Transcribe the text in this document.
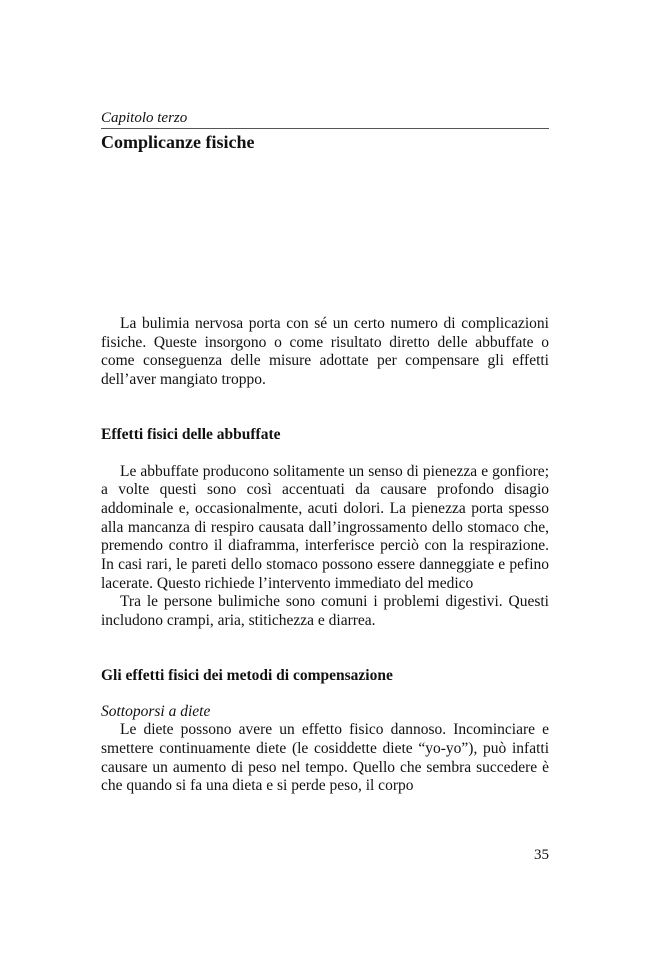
Capitolo terzo

Complicanze fisiche

La bulimia nervosa porta con sé un certo numero di complicazioni fisiche. Queste insorgono o come risultato diretto delle abbuffate o come conseguenza delle misure adottate per compensare gli effetti dell’aver mangiato troppo.

Effetti fisici delle abbuffate

Le abbuffate producono solitamente un senso di pienezza e gonfiore; a volte questi sono così accentuati da causare profondo disagio addominale e, occasionalmente, acuti dolori. La pienezza porta spesso alla mancanza di respiro causata dall’ingrossamento dello stomaco che, premendo contro il diaframma, interferisce perciò con la respirazione. In casi rari, le pareti dello stomaco possono essere danneggiate e pefino lacerate. Questo richiede l’intervento immediato del medico

Tra le persone bulimiche sono comuni i problemi digestivi. Questi includono crampi, aria, stitichezza e diarrea.

Gli effetti fisici dei metodi di compensazione
Sottoporsi a diete

Le diete possono avere un effetto fisico dannoso. Incominciare e smettere continuamente diete (le cosiddette diete “yo-yo”), può infatti causare un aumento di peso nel tempo. Quello che sembra succedere è che quando si fa una dieta e si perde peso, il corpo

35
